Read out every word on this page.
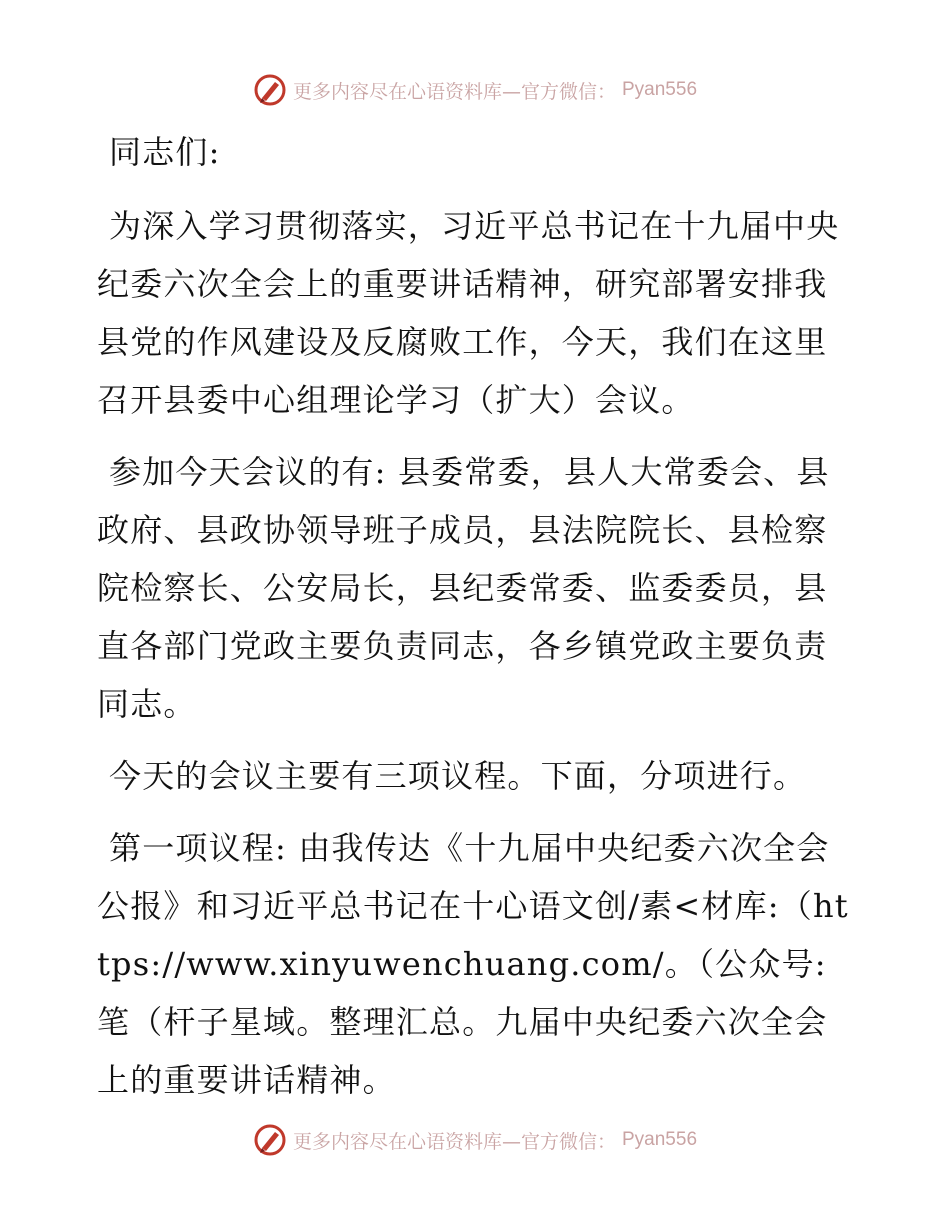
更多内容尽在心语资料库—官方微信： Pyan556

同志们:

为深入学习贯彻落实，习近平总书记在十九届中央纪委六次全会上的重要讲话精神，研究部署安排我县党的作风建设及反腐败工作，今天，我们在这里召开县委中心组理论学习（扩大）会议。

参加今天会议的有: 县委常委，县人大常委会、县政府、县政协领导班子成员，县法院院长、县检察院检察长、公安局长，县纪委常委、监委委员，县直各部门党政主要负责同志，各乡镇党政主要负责同志。

今天的会议主要有三项议程。下面，分项进行。

第一项议程: 由我传达《十九届中央纪委六次全会公报》和习近平总书记在十心语文创/素<材库:（https://www.xinyuwenchuang.com/。（公众号: 笔（杆子星域。整理汇总。九届中央纪委六次全会上的重要讲话精神。

更多内容尽在心语资料库—官方微信： Pyan556
